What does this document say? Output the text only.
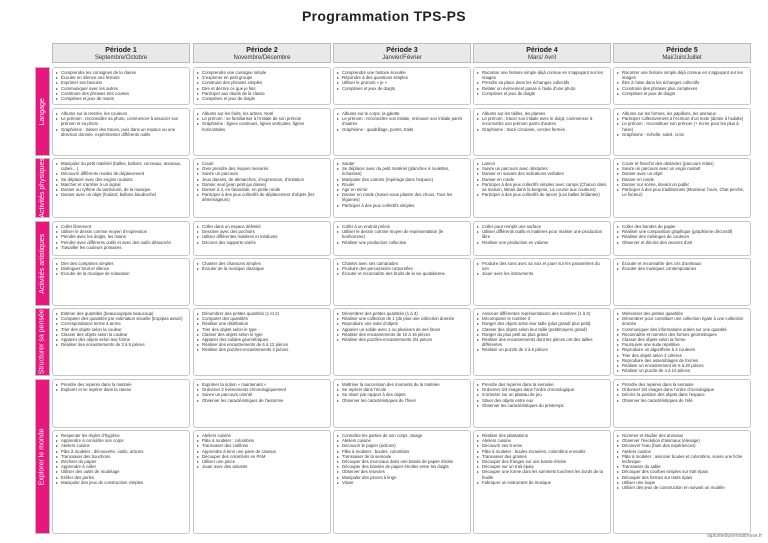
Programmation TPS-PS
Période 1
Septembre/Octobre
Période 2
Novembre/Décembre
Période 3
Janvier/Février
Période 4
Mars/ Avril
Période 5
Mai/Juin/Juillet
Langage
Activités physiques
Activités artistiques
Structurer sa pensée
Explorer le monde
▸ Comprendre les consignes de la classe
▸ Écouter en silence une histoire
▸ Exprimer ses besoins
▸ Communiquer avec les autres
▸ Construire des phrases très courtes
▸ Comptines et jeux de mains
▸ Comprendre une consigne simple
▸ S’exprimer en petit groupe
▸ Construire des phrases simples
▸ Dire et décrire ce que je fais
▸ Participer aux rituels de la classe
▸ Comptines et jeux de doigts
▸ Comprendre une histoire écoutée
▸ Répondre à des questions simples
▸ Utiliser le pronom « je »
▸ Comptines et jeux de doigts
▸ Raconter une histoire simple déjà connue en s’appuyant sur les images
▸ Prendre sa place dans les échanges collectifs
▸ Relater un évènement passé à l’aide d’une photo
▸ Comptines et jeux de doigts
▸ Raconter une histoire simple déjà connue en s’appuyant sur les images
▸ Être à l’aise dans les échanges collectifs
▸ Construire des phrases plus complexes
▸ Comptines et jeux de doigts
▸ Albums sur la rentrée, les couleurs
▸ Le prénom : reconnaître sa photo, commencer à associer son prénom et sa photo
▸ Graphisme : laisser des traces, puis dans un espace ou une direction donnée, expérimenter différents outils
▸ Albums sur les fruits, les arbres, Noël
▸ Le prénom : se familiariser à l’initiale de son prénom
▸ Graphisme : lignes continues, lignes verticales, lignes horizontales
▸ Albums sur le corps, la galette
▸ Le prénom : reconnaître son initiale, retrouver son initiale parmi d’autres
▸ Graphisme : quadrillage, points, traits
▸ Albums sur les tailles, les plantes
▸ Le prénom : tracer son initiale avec le doigt, commencer à reconnaître son prénom parmi d’autres
▸ Graphisme : tracé circulaire, cercles fermés
▸ Albums sur les formes, les papillons, les animaux
▸ Participer collectivement à l’écriture d’un texte (dictée à l’adulte)
▸ Le prénom : reconstituer son prénom (+ écrire pour les plus à l’aise)
▸ Graphisme : échelle, soleil, croix
▸ Manipuler du petit matériel (balles, ballons, cerceaux, anneaux, cubes…)
▸ Découvrir différents modes de déplacement
▸ Se déplacer avec des engins roulants
▸ Marcher et s’arrêter à un signal
▸ Danser au rythme du tambourin, de la musique
▸ Danser avec un objet (foulard, ballons baudruche)
▸ Courir
▸ Over prendre des risques mesurés
▸ Suivre un parcours
▸ Jeux dansés, de démarches, d’expression, d’imitation
▸ Danser seul (jean petit qui danse)
▸ Danser à 2, en farandole, en petite ronde
▸ Participer à des jeux collectifs de déplacement d’objets (les déménageurs)
▸ Sauter
▸ Se déplacer avec du petit matériel (planches à roulettes, échasses)
▸ Manipuler des cartons (repérage dans l’espace)
▸ Rouler
▸ Agir en miroir
▸ Danser en ronde (Savez-vous planter des choux, Tous les légumes)
▸ Participer à des jeux collectifs simples
▸ Lancer
▸ Suivre un parcours avec obstacles
▸ Danser en suivant des indications verbales
▸ Danser en ronde
▸ Participer à des jeux collectifs simples avec camps (Chacun dans sa maison, Minuit dans la bergerie, La course aux couleurs)
▸ Participer à des jeux collectifs de lancer (Les balles brûlantes)
▸ Courir et franchir des obstacles (parcours relais)
▸ Suivre un parcours avec un engin roulant
▸ Danser avec un objet
▸ Danser en ronde
▸ Danser sur scène, devant un public
▸ Participer à des jeux traditionnels (Monsieur l’ours, Chat perché, Le facteur)
▸ Coller librement
▸ Utiliser le dessin comme moyen d’expression
▸ Peindre avec les doigts, les mains
▸ Peindre avec différents outils et avec des outils détournés
▸ Travailler les couleurs primaires
▸ Coller dans un espace délimité
▸ Dessiner avec des pochoirs
▸ Utiliser différentes matières et médiums
▸ Décorer des supports variés
▸ Coller à un endroit précis
▸ Utiliser le dessin comme moyen de représentation (le bonhomme)
▸ Réaliser une production collective
▸ Coller pour remplir une surface
▸ Utiliser différents outils et matières pour réaliser une production libre
▸ Réaliser une production en volume
▸ Coller des bandes de papier
▸ Réaliser une composition graphique (graphisme décoratif)
▸ Réaliser des mélanges de couleurs
▸ Observer et décrire des œuvres d’art
▸ Dire des comptines simples
▸ Distinguer bruit et silence
▸ Écouter de la musique de relaxation
▸ Chanter des chansons simples
▸ Écouter de la musique classique
▸ Chanter avec ses camarades
▸ Produire des percussions corporelles
▸ Écouter et reconnaître des bruits de la vie quotidienne
▸ Produire des sons avec sa voix et jouer sur les paramètres du son
▸ Jouer avec les instruments
▸ Écouter et reconnaître des cris d’animaux
▸ Écouter des musiques contemporaines
▸ Estimer des quantités (beaucoup/pas beaucoup)
▸ Comparer des quantités par estimation visuelle (trop/pas assez)
▸ Correspondance terme à terme
▸ Trier des objets selon la couleur
▸ Classer des objets selon la couleur
▸ Apparier des objets selon leur forme
▸ Réaliser des encastrements de 3 à 6 pièces
▸ Dénombrer des petites quantités (1 et 2)
▸ Comparer des quantités
▸ Réaliser une distribution
▸ Trier des objets selon le type
▸ Classer des objets selon le type
▸ Apparier des solides géométriques
▸ Réaliser des encastrements de 6 à 12 pièces
▸ Réaliser des puzzles-encastrements 2 pièces
▸ Dénombrer des petites quantités (1 à 3)
▸ Réaliser une collection de 1 (de plus une collection donnée
▸ Reproduire une suite d’objets
▸ Apparier un solide avec 1 ou plusieurs de ses faces
▸ Réaliser des encastrements de 10 à 16 pièces
▸ Réaliser des puzzles-encastrements 3/4 pièces
▸ Associer différentes représentations des nombres (1 à 3)
▸ Décomposer le nombre 3
▸ Ranger des objets selon leur taille (plus grand/ plus petit)
▸ Classer des objets selon leur taille (petit/moyen/ grand)
▸ Ranger du plus petit au plus grand
▸ Réaliser des encastrements dont les pièces ont des tailles différentes
▸ Réaliser un puzzle de 3 à 6 pièces
▸ Mémoriser des petites quantités
▸ Dénombrer pour constituer une collection égale à une collection donnée
▸ Communiquer des informations orales sur une quantité
▸ Reconnaître et nommer des formes géométriques
▸ Classer des objets selon la forme
▸ Poursuivre une suite répétitive
▸ Reproduire un algorithme à 2 couleurs
▸ Trier des objets selon 2 critères
▸ Reproduire des assemblages de formes
▸ Réaliser un encastrement de 6 à 20 pièces
▸ Réaliser un puzzle de 4 à 10 pièces
▸ Prendre des repères dans la matinée
▸ Explorer et se repérer dans la classe
▸ Exprimer la notion « maintenant »
▸ Ordonner 2 évènements chronologiquement
▸ Suivre un parcours orienté
▸ Observer les caractéristiques de l’automne
▸ Maîtriser la succession des moments de la matinée
▸ Se repérer dans l’école
▸ Se situer par rapport à des objets
▸ Observer les caractéristiques de l’hiver
▸ Prendre des repères dans la semaine
▸ Ordonner 3/4 images dans l’ordre chronologique
▸ S’orienter sur un plateau de jeu
▸ Situer des objets entre eux
▸ Observer les caractéristiques du printemps
▸ Prendre des repères dans la semaine
▸ Ordonner 3/4 images dans l’ordre chronologique
▸ Décrire la position des objets dans l’espace
▸ Observer les caractéristiques de l’été
▸ Respecter les règles d’hygiène
▸ Apprendre à connaître son corps
▸ Ateliers cuisine
▸ Pâte à modeler : découverte, outils, actions
▸ Transvaser des bouchons
▸ Déchirer du papier
▸ Apprendre à coller
▸ Utiliser des outils de modelage
▸ Enfiler des perles
▸ Manipuler des jeux de construction simples
▸ Ateliers cuisine
▸ Pâte à modeler : colombins
▸ Transvaser des cotillons
▸ Apprendre à tenir une paire de ciseaux
▸ Découper des colombins en PAM
▸ Utiliser une pince
▸ Jouer avec des aimants
▸ Connaître les parties de son corps, visage
▸ Ateliers cuisine
▸ Découvrir le papier (actions)
▸ Pâte à modeler : boules, colombins
▸ Transvaser de la semoule
▸ Découper des morceaux dans une bande de papier étroite
▸ Découper des bandes de papier étroites entre les doigts
▸ Observer des insectes
▸ Manipuler des pinces à linge
▸ Visser
▸ Réaliser des plantations
▸ Ateliers cuisine
▸ Découvrir ses 5 sens
▸ Pâte à modeler : boules écrasées, colombins enroulés
▸ Transvaser des graines
▸ Découper des franges sur une bande étroite
▸ Découper sur un trait épais
▸ Découper une forme dont les sommets touchent les bords de la feuille
▸ Fabriquer un instrument de musique
▸ Nommer et étudier des animaux
▸ Observer l’évolution d’animaux (élevage)
▸ Découvrir l’eau (faire des expériences)
▸ Ateliers cuisine
▸ Pâte à modeler : associer boules et colombins, suivre une fiche technique
▸ Transvaser du sable
▸ Découper des courbes simples sur trait épais
▸ Découper des formes sur traits épais
▸ Utiliser une loupe
▸ Utiliser des jeux de construction en suivant un modèle
laplumedunemaitresse.fr
